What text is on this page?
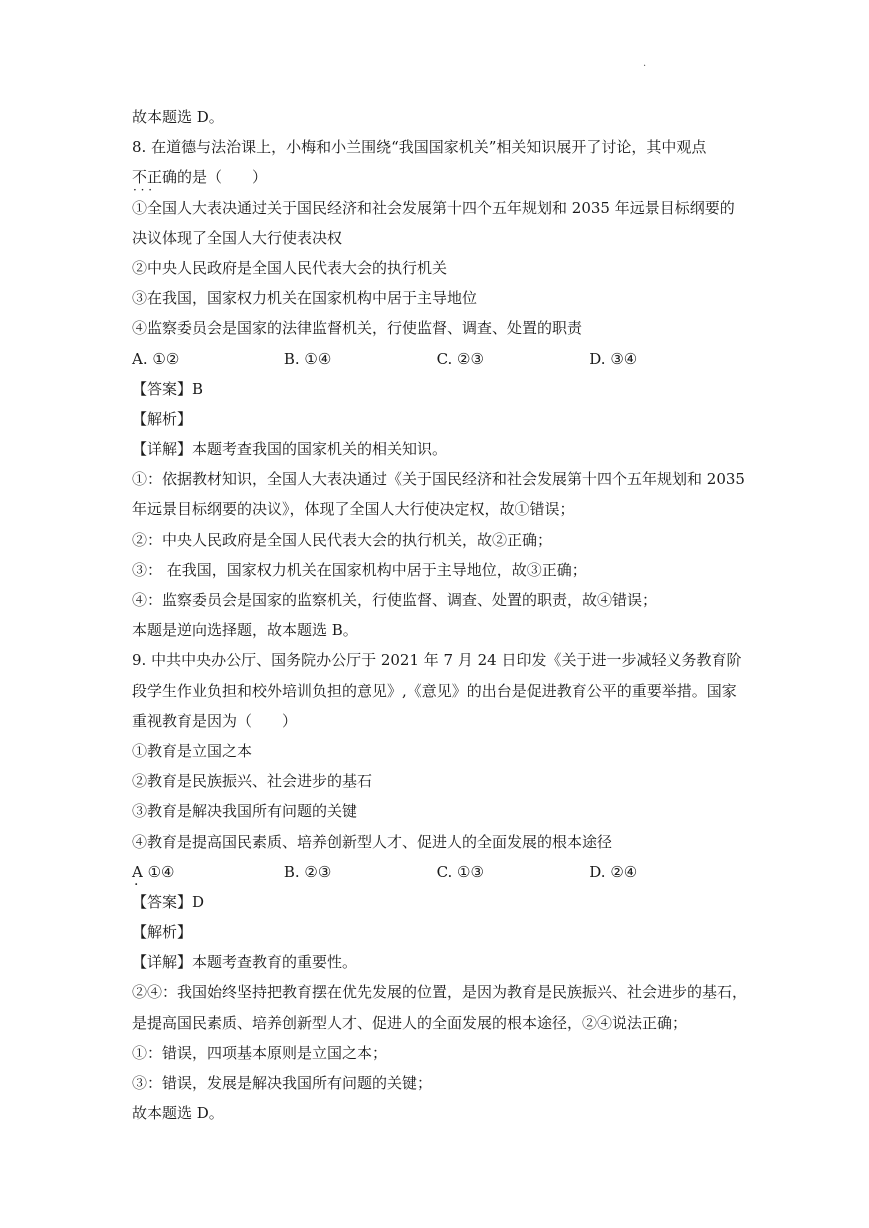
.
故本题选 D。
8. 在道德与法治课上，小梅和小兰围绕“我国国家机关”相关知识展开了讨论，其中观点
不正确 · · ·的是（　　）
①全国人大表决通过关于国民经济和社会发展第十四个五年规划和 2035 年远景目标纲要的
决议体现了全国人大行使表决权
②中央人民政府是全国人民代表大会的执行机关
③在我国，国家权力机关在国家机构中居于主导地位
④监察委员会是国家的法律监督机关，行使监督、调查、处置的职责
A. ①②	B. ①④	C. ②③	D. ③④
【答案】B
【解析】
【详解】本题考查我国的国家机关的相关知识。
①：依据教材知识，全国人大表决通过《关于国民经济和社会发展第十四个五年规划和 2035
年远景目标纲要的决议》，体现了全国人大行使决定权，故①错误；
②：中央人民政府是全国人民代表大会的执行机关，故②正确；
③： 在我国，国家权力机关在国家机构中居于主导地位，故③正确；
④：监察委员会是国家的监察机关，行使监督、调查、处置的职责，故④错误；
本题是逆向选择题，故本题选 B。
9. 中共中央办公厅、国务院办公厅于 2021 年 7 月 24 日印发《关于进一步减轻义务教育阶
段学生作业负担和校外培训负担的意见》,《意见》的出台是促进教育公平的重要举措。国家
重视教育是因为（　　）
①教育是立国之本
②教育是民族振兴、社会进步的基石
③教育是解决我国所有问题的关键
④教育是提高国民素质、培养创新型人才、促进人的全面发展的根本途径
A · ①④	B. ②③	C. ①③	D. ②④
【答案】D
【解析】
【详解】本题考查教育的重要性。
②④：我国始终坚持把教育摆在优先发展的位置，是因为教育是民族振兴、社会进步的基石，
是提高国民素质、培养创新型人才、促进人的全面发展的根本途径，②④说法正确；
①：错误，四项基本原则是立国之本；
③：错误，发展是解决我国所有问题的关键；
故本题选 D。
